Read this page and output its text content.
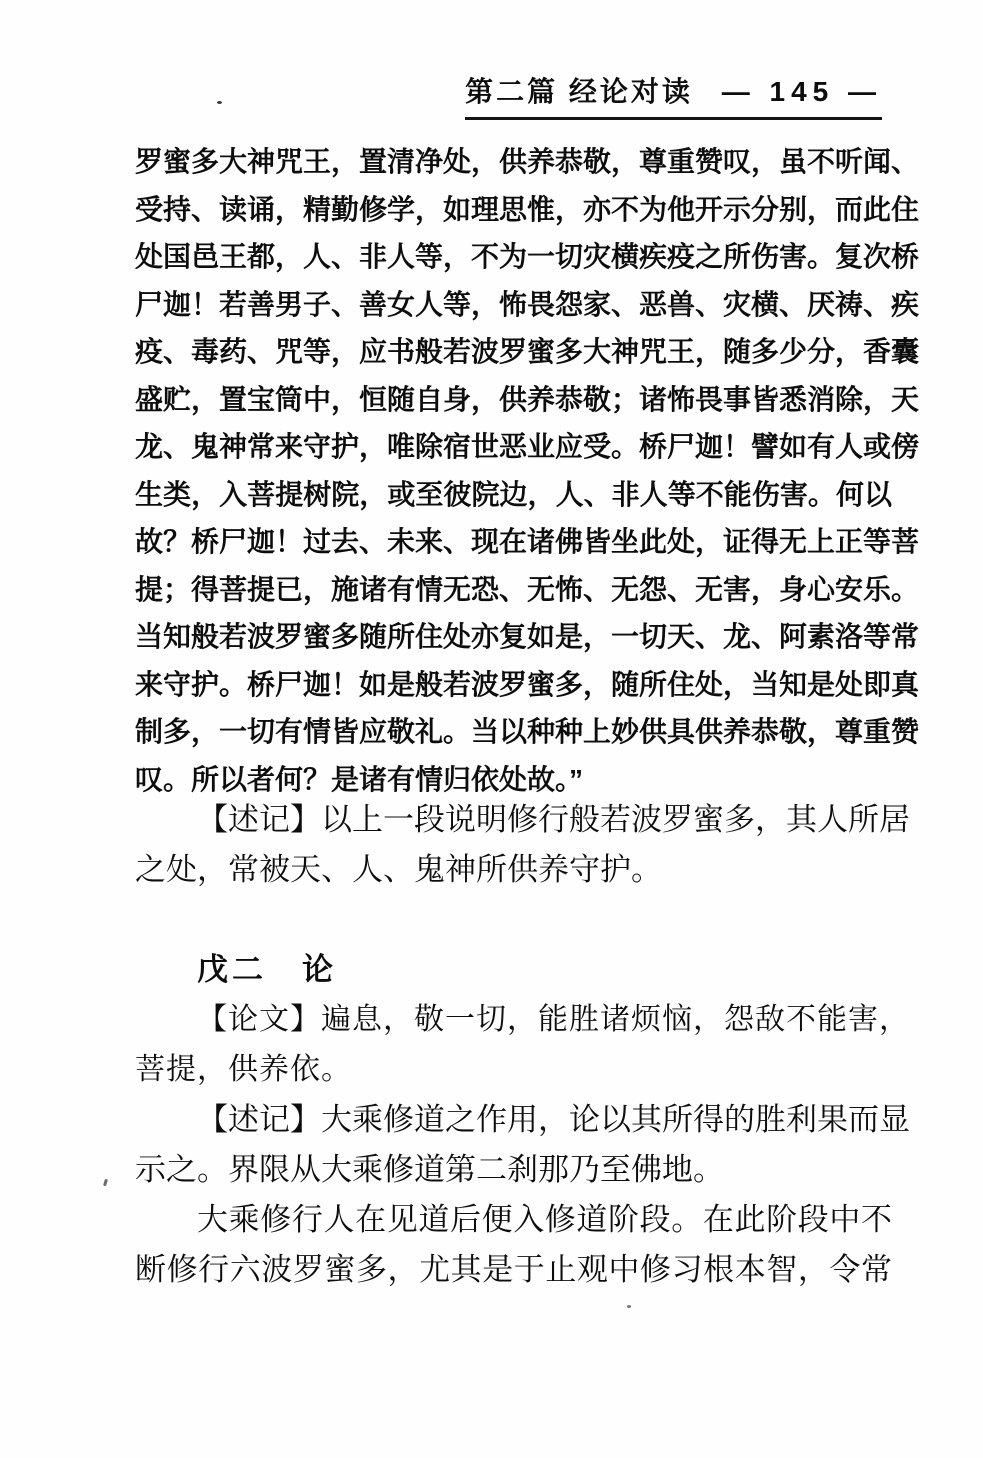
第二篇 经论对读 — 145 —
罗蜜多大神咒王，置清净处，供养恭敬，尊重赞叹，虽不听闻、
受持、读诵，精勤修学，如理思惟，亦不为他开示分别，而此住
处国邑王都，人、非人等，不为一切灾横疾疫之所伤害。复次桥
尸迦！若善男子、善女人等，怖畏怨家、恶兽、灾横、厌祷、疾
疫、毒药、咒等，应书般若波罗蜜多大神咒王，随多少分，香囊
盛贮，置宝筒中，恒随自身，供养恭敬；诸怖畏事皆悉消除，天
龙、鬼神常来守护，唯除宿世恶业应受。桥尸迦！譬如有人或傍
生类，入菩提树院，或至彼院边，人、非人等不能伤害。何以
故？桥尸迦！过去、未来、现在诸佛皆坐此处，证得无上正等菩
提；得菩提已，施诸有情无恐、无怖、无怨、无害，身心安乐。
当知般若波罗蜜多随所住处亦复如是，一切天、龙、阿素洛等常
来守护。桥尸迦！如是般若波罗蜜多，随所住处，当知是处即真
制多，一切有情皆应敬礼。当以种种上妙供具供养恭敬，尊重赞
叹。所以者何？是诸有情归依处故。”
【述记】以上一段说明修行般若波罗蜜多，其人所居
之处，常被天、人、鬼神所供养守护。
戊二　论
【论文】遍息，敬一切，能胜诸烦恼，怨敌不能害，
菩提，供养依。
【述记】大乘修道之作用，论以其所得的胜利果而显
示之。界限从大乘修道第二刹那乃至佛地。
大乘修行人在见道后便入修道阶段。在此阶段中不
断修行六波罗蜜多，尤其是于止观中修习根本智，令常
